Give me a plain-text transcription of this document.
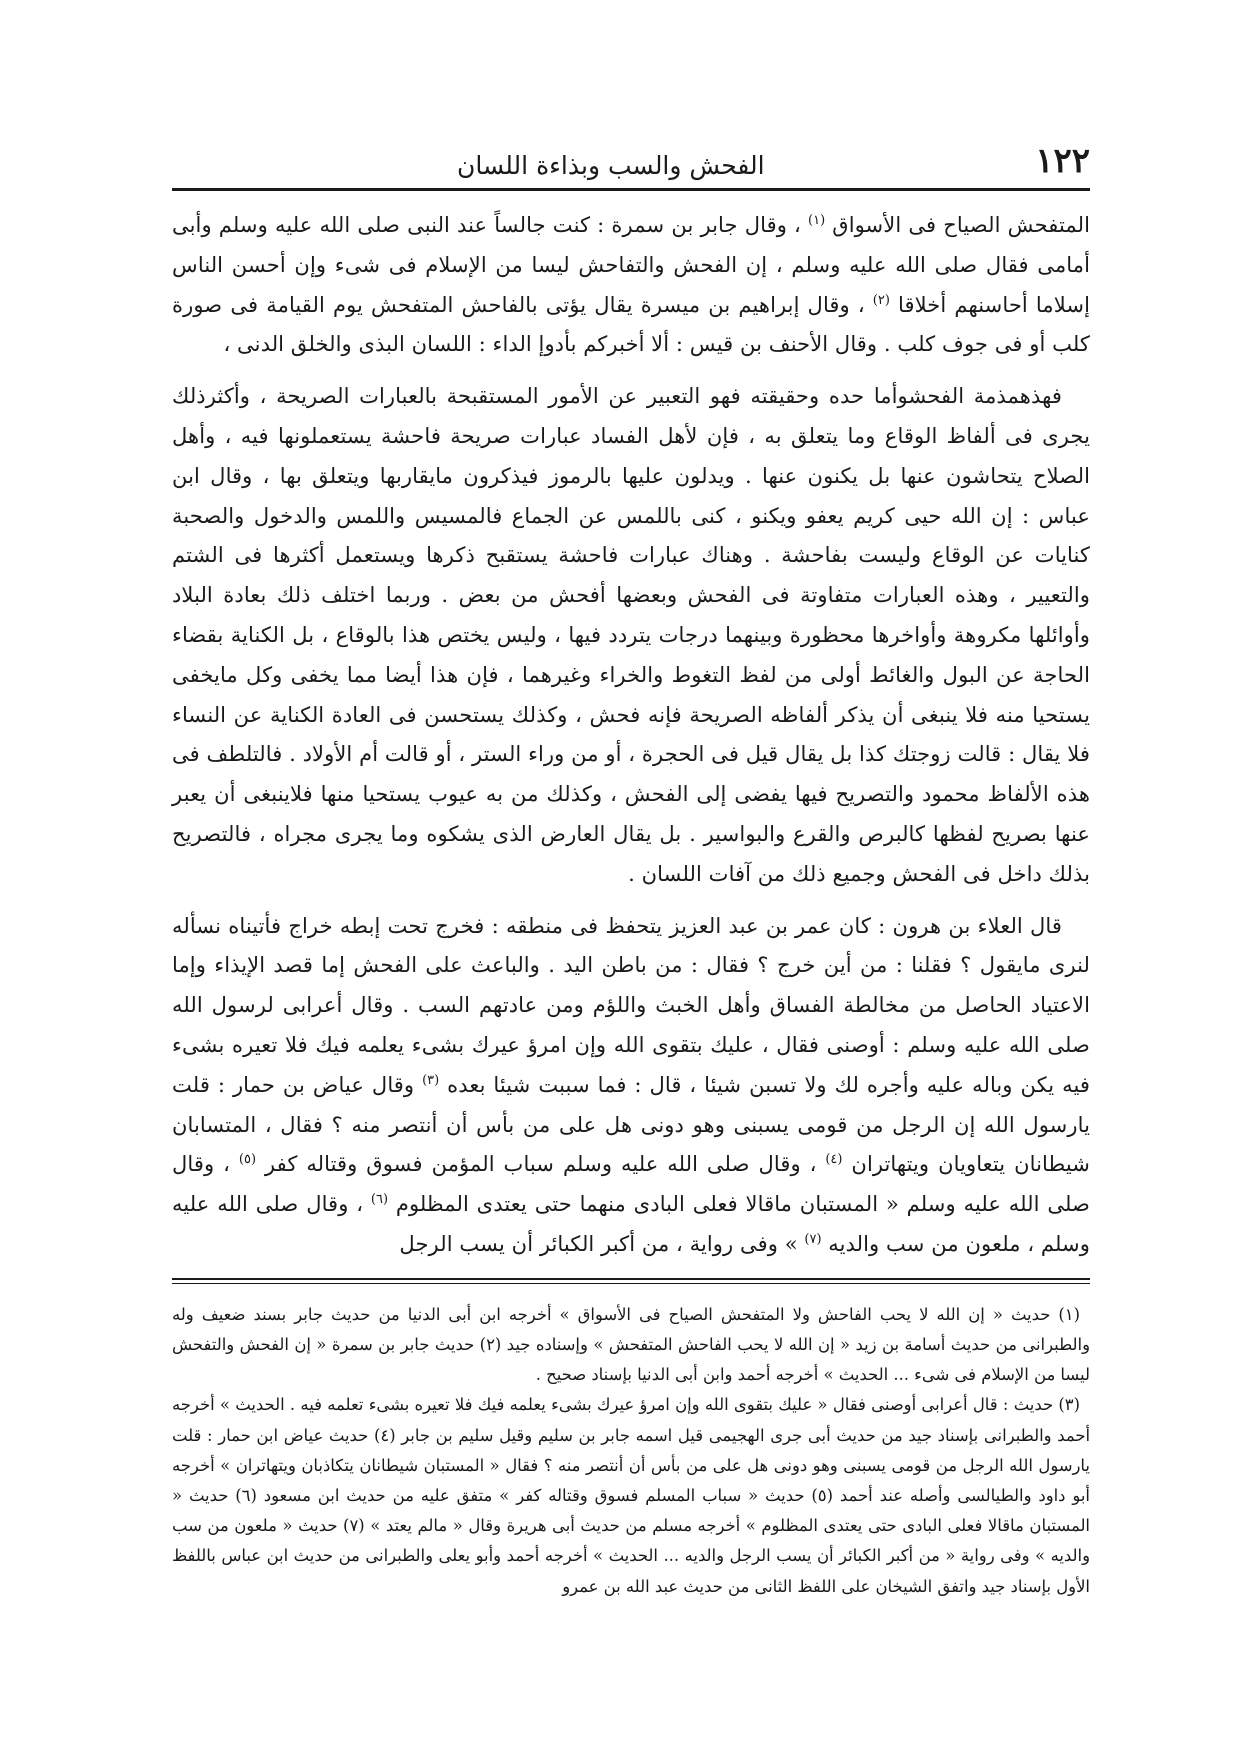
١٢٢
الفحش والسب وبذاءة اللسان

المتفحش الصياح فى الأسواق $^{(١)}$ ، وقال جابر بن سمرة : كنت جالساً عند النبى صلى الله عليه وسلم وأبى أمامى فقال صلى الله عليه وسلم ، إن الفحش والتفاحش ليسا من الإسلام فى شىء وإن أحسن الناس إسلاما أحاسنهم أخلاقا $^{(٢)}$ ، وقال إبراهيم بن ميسرة يقال يؤتى بالفاحش المتفحش يوم القيامة فى صورة كلب أو فى جوف كلب . وقال الأحنف بن قيس : ألا أخبركم بأدوإ الداء : اللسان البذى والخلق الدنى ،

فهذهمذمة الفحشوأما حده وحقيقته فهو التعبير عن الأمور المستقبحة بالعبارات الصريحة ، وأكثرذلك يجرى فى ألفاظ الوقاع وما يتعلق به ، فإن لأهل الفساد عبارات صريحة فاحشة يستعملونها فيه ، وأهل الصلاح يتحاشون عنها بل يكنون عنها . ويدلون عليها بالرموز فيذكرون مايقاربها ويتعلق بها ، وقال ابن عباس : إن الله حيى كريم يعفو ويكنو ، كنى باللمس عن الجماع فالمسيس واللمس والدخول والصحبة كنايات عن الوقاع وليست بفاحشة . وهناك عبارات فاحشة يستقبح ذكرها ويستعمل أكثرها فى الشتم والتعيير ، وهذه العبارات متفاوتة فى الفحش وبعضها أفحش من بعض . وربما اختلف ذلك بعادة البلاد وأوائلها مكروهة وأواخرها محظورة وبينهما درجات يتردد فيها ، وليس يختص هذا بالوقاع ، بل الكناية بقضاء الحاجة عن البول والغائط أولى من لفظ التغوط والخراء وغيرهما ، فإن هذا أيضا مما يخفى وكل مايخفى يستحيا منه فلا ينبغى أن يذكر ألفاظه الصريحة فإنه فحش ، وكذلك يستحسن فى العادة الكناية عن النساء فلا يقال : قالت زوجتك كذا بل يقال قيل فى الحجرة ، أو من وراء الستر ، أو قالت أم الأولاد . فالتلطف فى هذه الألفاظ محمود والتصريح فيها يفضى إلى الفحش ، وكذلك من به عيوب يستحيا منها فلاينبغى أن يعبر عنها بصريح لفظها كالبرص والقرع والبواسير . بل يقال العارض الذى يشكوه وما يجرى مجراه ، فالتصريح بذلك داخل فى الفحش وجميع ذلك من آفات اللسان .

قال العلاء بن هرون : كان عمر بن عبد العزيز يتحفظ فى منطقه : فخرج تحت إبطه خراج فأتيناه نسأله لنرى مايقول ؟ فقلنا : من أين خرج ؟ فقال : من باطن اليد . والباعث على الفحش إما قصد الإيذاء وإما الاعتياد الحاصل من مخالطة الفساق وأهل الخبث واللؤم ومن عادتهم السب . وقال أعرابى لرسول الله صلى الله عليه وسلم : أوصنى فقال ، عليك بتقوى الله وإن امرؤ عيرك بشىء يعلمه فيك فلا تعيره بشىء فيه يكن وباله عليه وأجره لك ولا تسبن شيئا ، قال : فما سببت شيئا بعده $^{(٣)}$ وقال عياض بن حمار : قلت يارسول الله إن الرجل من قومى يسبنى وهو دونى هل على من بأس أن أنتصر منه ؟ فقال ، المتسابان شيطانان يتعاويان ويتهاتران $^{(٤)}$ ، وقال صلى الله عليه وسلم سباب المؤمن فسوق وقتاله كفر $^{(٥)}$ ، وقال صلى الله عليه وسلم « المستبان ماقالا فعلى البادى منهما حتى يعتدى المظلوم $^{(٦)}$ ، وقال صلى الله عليه وسلم ، ملعون من سب والديه $^{(٧)}$ » وفى رواية ، من أكبر الكبائر أن يسب الرجل

(١) حديث « إن الله لا يحب الفاحش ولا المتفحش الصياح فى الأسواق » أخرجه ابن أبى الدنيا من حديث جابر بسند ضعيف وله والطبرانى من حديث أسامة بن زيد « إن الله لا يحب الفاحش المتفحش » وإسناده جيد (٢) حديث جابر بن سمرة « إن الفحش والتفحش ليسا من الإسلام فى شىء ... الحديث » أخرجه أحمد وابن أبى الدنيا بإسناد صحيح .

(٣) حديث : قال أعرابى أوصنى فقال « عليك بتقوى الله وإن امرؤ عيرك بشىء يعلمه فيك فلا تعيره بشىء تعلمه فيه . الحديث » أخرجه أحمد والطبرانى بإسناد جيد من حديث أبى جرى الهجيمى قيل اسمه جابر بن سليم وقيل سليم بن جابر (٤) حديث عياض ابن حمار : قلت يارسول الله الرجل من قومى يسبنى وهو دونى هل على من بأس أن أنتصر منه ؟ فقال « المستبان شيطانان يتكاذبان ويتهاتران » أخرجه أبو داود والطيالسى وأصله عند أحمد (٥) حديث « سباب المسلم فسوق وقتاله كفر » متفق عليه من حديث ابن مسعود (٦) حديث « المستبان ماقالا فعلى البادى حتى يعتدى المظلوم » أخرجه مسلم من حديث أبى هريرة وقال « مالم يعتد » (٧) حديث « ملعون من سب والديه » وفى رواية « من أكبر الكبائر أن يسب الرجل والديه ... الحديث » أخرجه أحمد وأبو يعلى والطبرانى من حديث ابن عباس باللفظ الأول بإسناد جيد واتفق الشيخان على اللفظ الثانى من حديث عبد الله بن عمرو
